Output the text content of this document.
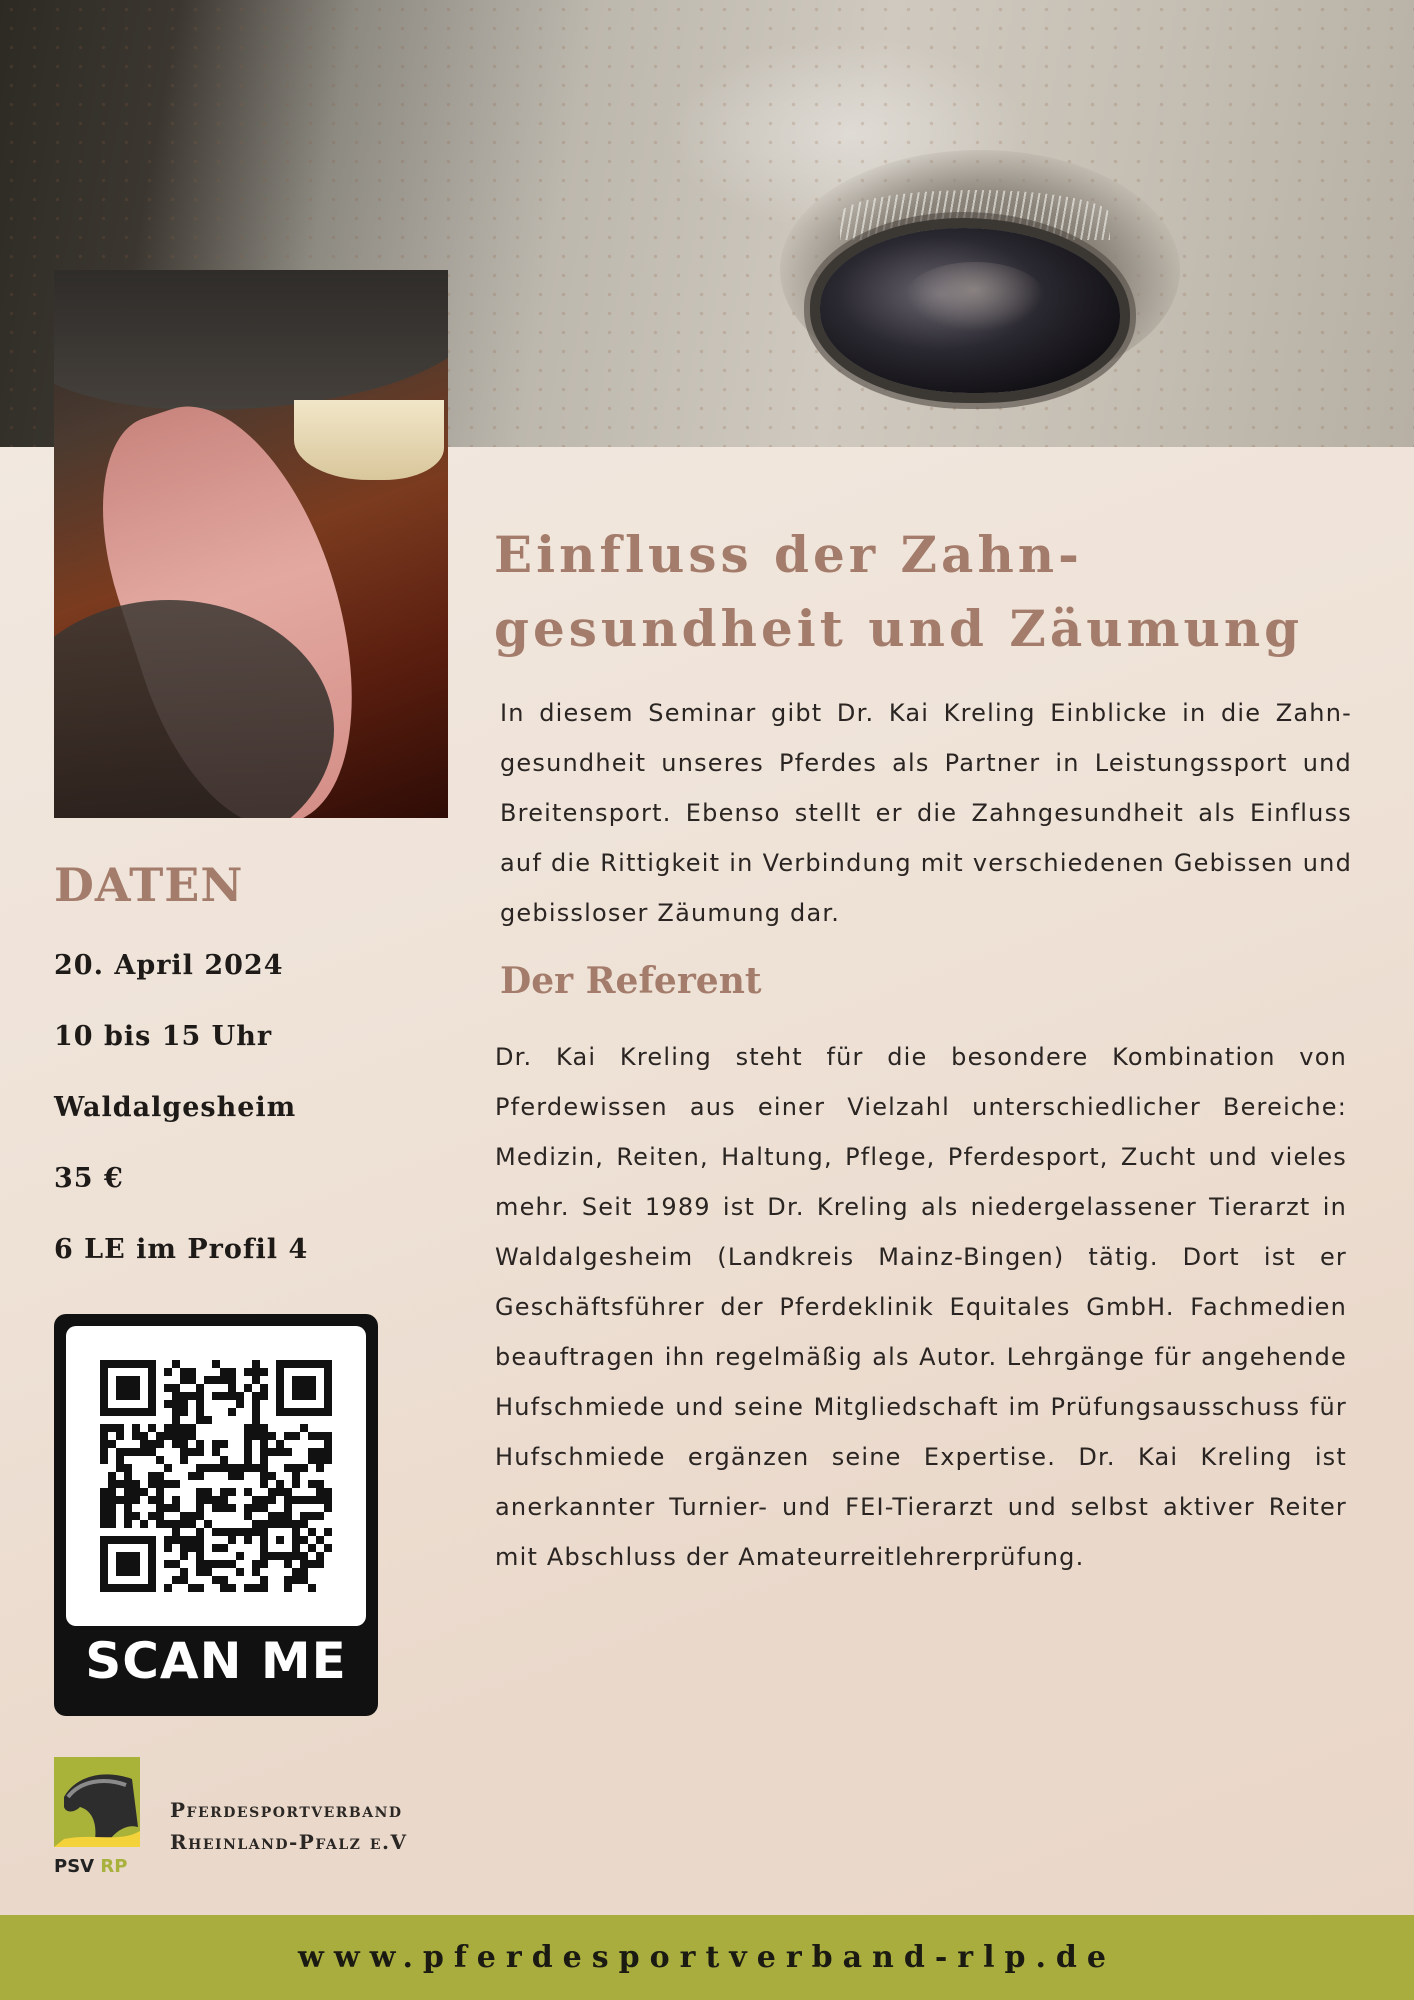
Einfluss der Zahn-gesundheit und Zäumung

In diesem Seminar gibt Dr. Kai Kreling Einblicke in die Zahn-gesundheit unseres Pferdes als Partner in Leistungssport und Breitensport. Ebenso stellt er die Zahngesundheit als Einfluss auf die Rittigkeit in Verbindung mit verschiedenen Gebissen und gebissloser Zäumung dar.

Der Referent

Dr. Kai Kreling steht für die besondere Kombination von Pferdewissen aus einer Vielzahl unterschiedlicher Bereiche: Medizin, Reiten, Haltung, Pflege, Pferdesport, Zucht und vieles mehr. Seit 1989 ist Dr. Kreling als niedergelassener Tierarzt in Waldalgesheim (Landkreis Mainz-Bingen) tätig. Dort ist er Geschäftsführer der Pferdeklinik Equitales GmbH. Fachmedien beauftragen ihn regelmäßig als Autor. Lehrgänge für angehende Hufschmiede und seine Mitgliedschaft im Prüfungsausschuss für Hufschmiede ergänzen seine Expertise. Dr. Kai Kreling ist anerkannter Turnier- und FEI-Tierarzt und selbst aktiver Reiter mit Abschluss der Amateurreitlehrerprüfung.

DATEN
20. April 2024
10 bis 15 Uhr
Waldalgesheim
35 €
6 LE im Profil 4
SCAN ME
PSV RP

Pferdesportverband
Rheinland-Pfalz e.V

www.pferdesportverband-rlp.de
